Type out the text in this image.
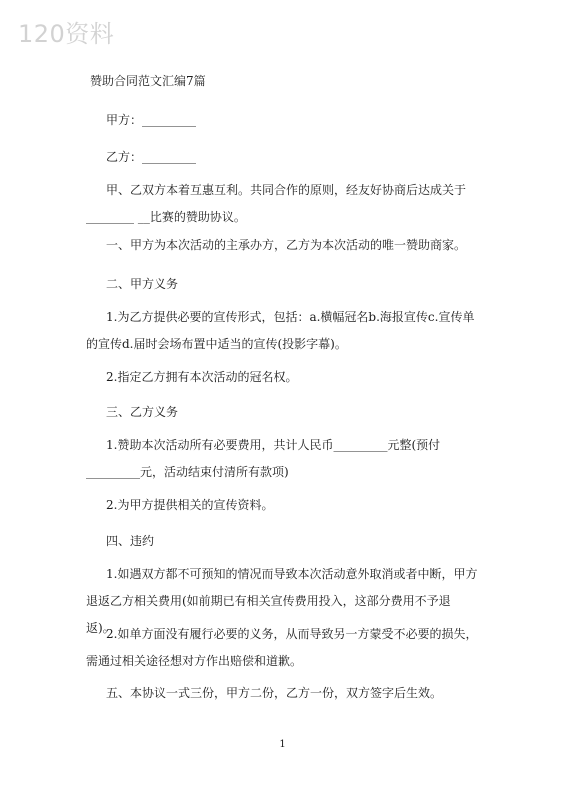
120资料
赞助合同范文汇编7篇
甲方：_________
乙方：_________
甲、乙双方本着互惠互利。共同合作的原则，经友好协商后达成关于________ __比赛的赞助协议。
一、甲方为本次活动的主承办方，乙方为本次活动的唯一赞助商家。
二、甲方义务
1.为乙方提供必要的宣传形式，包括：a.横幅冠名b.海报宣传c.宣传单的宣传d.届时会场布置中适当的宣传(投影字幕)。
2.指定乙方拥有本次活动的冠名权。
三、乙方义务
1.赞助本次活动所有必要费用，共计人民币_________元整(预付_________元，活动结束付清所有款项)
2.为甲方提供相关的宣传资料。
四、违约
1.如遇双方都不可预知的情况而导致本次活动意外取消或者中断，甲方退返乙方相关费用(如前期已有相关宣传费用投入，这部分费用不予退返)。
2.如单方面没有履行必要的义务，从而导致另一方蒙受不必要的损失，需通过相关途径想对方作出赔偿和道歉。
五、本协议一式三份，甲方二份，乙方一份，双方签字后生效。
1
